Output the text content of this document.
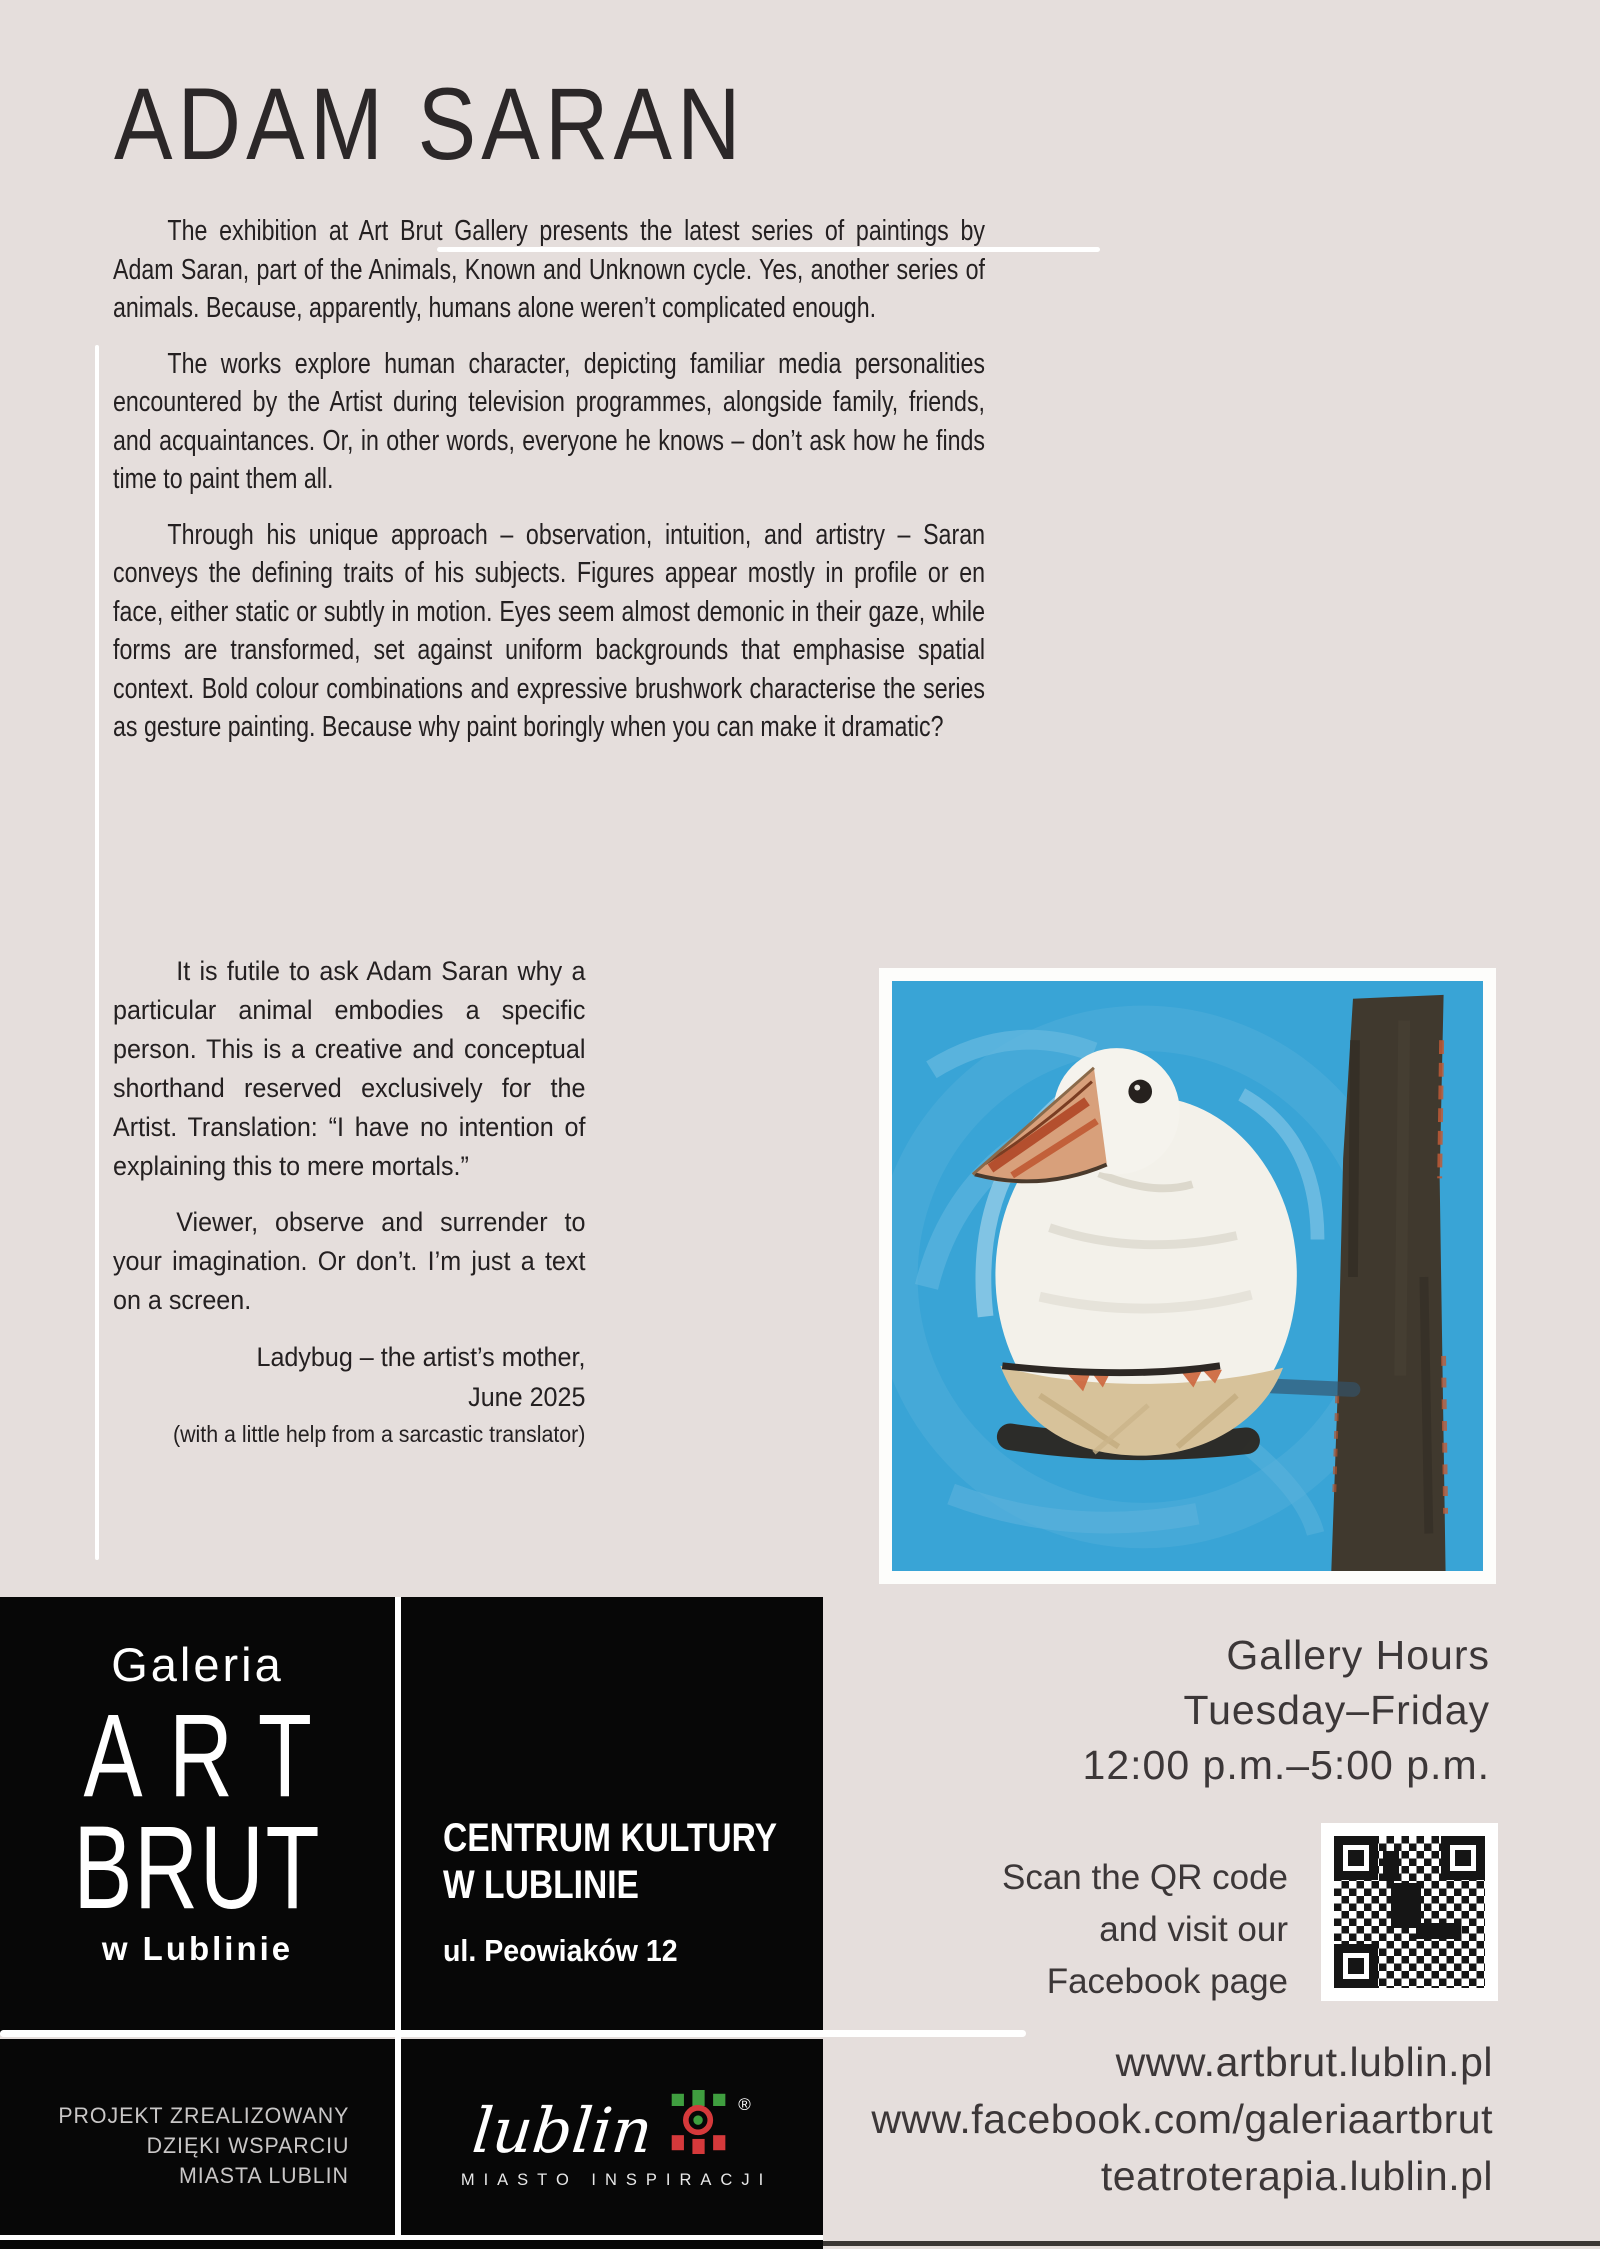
ADAM SARAN

The exhibition at Art Brut Gallery presents the latest series of paintings by Adam Saran, part of the Animals, Known and Unknown cycle. Yes, another series of animals. Because, apparently, humans alone weren’t complicated enough.

The works explore human character, depicting familiar media personalities encountered by the Artist during television programmes, alongside family, friends, and acquaintances. Or, in other words, everyone he knows – don’t ask how he finds time to paint them all.

Through his unique approach – observation, intuition, and artistry – Saran conveys the defining traits of his subjects. Figures appear mostly in profile or en face, either static or subtly in motion. Eyes seem almost demonic in their gaze, while forms are transformed, set against uniform backgrounds that emphasise spatial context. Bold colour combinations and expressive brushwork characterise the series as gesture painting. Because why paint boringly when you can make it dramatic?

It is futile to ask Adam Saran why a particular animal embodies a specific person. This is a creative and conceptual shorthand reserved exclusively for the Artist. Translation: “I have no intention of explaining this to mere mortals.”

Viewer, observe and surrender to your imagination. Or don’t. I’m just a text on a screen.

Ladybug – the artist’s mother,
June 2025
(with a little help from a sarcastic translator)
Galeria
ART
BRUT
w Lublinie
CENTRUM KULTURY
W LUBLINIE
ul. Peowiaków 12
PROJEKT ZREALIZOWANY
DZIĘKI WSPARCIU
MIASTA LUBLIN
lublin	®
MIASTO INSPIRACJI
Gallery Hours
Tuesday–Friday
12:00 p.m.–5:00 p.m.
Scan the QR code
and visit our
Facebook page
www.artbrut.lublin.pl
www.facebook.com/galeriaartbrut
teatroterapia.lublin.pl
